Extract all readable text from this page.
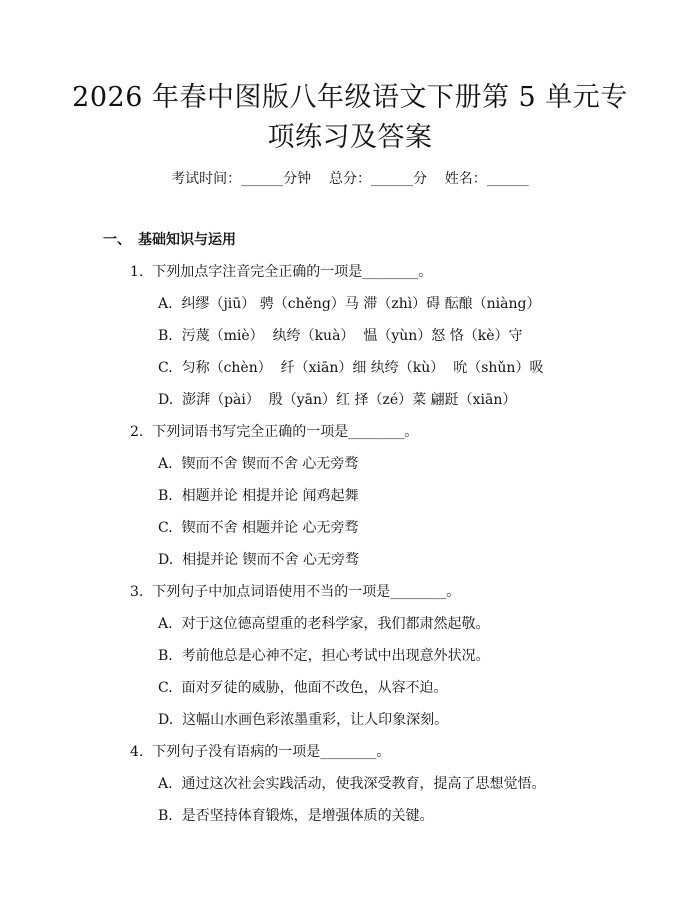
2026 年春中图版八年级语文下册第 5 单元专
项练习及答案
考试时间：______分钟    总分：______分    姓名：______
一、 基础知识与运用
1.  下列加点字注音完全正确的一项是________。
A.  纠缪（jiū） 骋（chěng）马 滞（zhì）碍 酝酿（niàng）
B.  污蔑（miè）  纨绔（kuà）  愠（yùn）怒 恪（kè）守
C.  匀称（chèn）  纤（xiān）细 纨绔（kù）  吮（shǔn）吸
D.  澎湃（pài）  殷（yān）红 择（zé）菜 翩跹（xiān）
2.  下列词语书写完全正确的一项是________。
A.  锲而不舍 锲而不舍 心无旁骛
B.  相题并论 相提并论 闻鸡起舞
C.  锲而不舍 相题并论 心无旁骛
D.  相提并论 锲而不舍 心无旁骛
3.  下列句子中加点词语使用不当的一项是________。
A.  对于这位德高望重的老科学家，我们都肃然起敬。
B.  考前他总是心神不定，担心考试中出现意外状况。
C.  面对歹徒的威胁，他面不改色，从容不迫。
D.  这幅山水画色彩浓墨重彩，让人印象深刻。
4.  下列句子没有语病的一项是________。
A.  通过这次社会实践活动，使我深受教育，提高了思想觉悟。
B.  是否坚持体育锻炼，是增强体质的关键。
